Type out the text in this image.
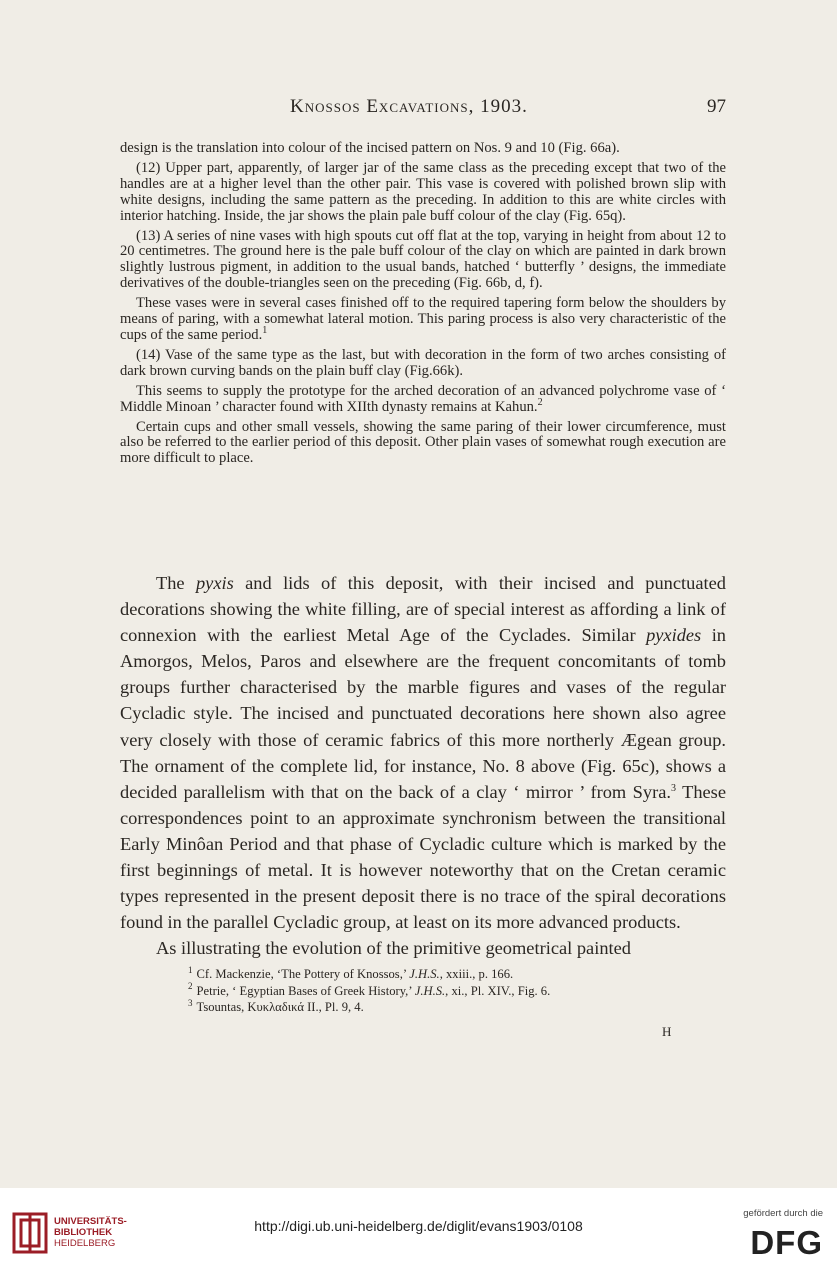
Knossos Excavations, 1903.	97

design is the translation into colour of the incised pattern on Nos. 9 and 10 (Fig. 66a).

(12) Upper part, apparently, of larger jar of the same class as the preceding except that two of the handles are at a higher level than the other pair. This vase is covered with polished brown slip with white designs, including the same pattern as the preceding. In addition to this are white circles with interior hatching. Inside, the jar shows the plain pale buff colour of the clay (Fig. 65q).

(13) A series of nine vases with high spouts cut off flat at the top, varying in height from about 12 to 20 centimetres. The ground here is the pale buff colour of the clay on which are painted in dark brown slightly lustrous pigment, in addition to the usual bands, hatched ‘ butterfly ’ designs, the immediate derivatives of the double-triangles seen on the preceding (Fig. 66b, d, f).

These vases were in several cases finished off to the required tapering form below the shoulders by means of paring, with a somewhat lateral motion. This paring process is also very characteristic of the cups of the same period.$^1$

(14) Vase of the same type as the last, but with decoration in the form of two arches consisting of dark brown curving bands on the plain buff clay (Fig.66k).

This seems to supply the prototype for the arched decoration of an advanced polychrome vase of ‘ Middle Minoan ’ character found with XIIth dynasty remains at Kahun.$^2$

Certain cups and other small vessels, showing the same paring of their lower circumference, must also be referred to the earlier period of this deposit. Other plain vases of somewhat rough execution are more difficult to place.

The pyxis and lids of this deposit, with their incised and punctuated decorations showing the white filling, are of special interest as affording a link of connexion with the earliest Metal Age of the Cyclades. Similar pyxides in Amorgos, Melos, Paros and elsewhere are the frequent concomitants of tomb groups further characterised by the marble figures and vases of the regular Cycladic style. The incised and punctuated decorations here shown also agree very closely with those of ceramic fabrics of this more northerly Ægean group. The ornament of the complete lid, for instance, No. 8 above (Fig. 65c), shows a decided parallelism with that on the back of a clay ‘ mirror ’ from Syra.$^3$ These correspondences point to an approximate synchronism between the transitional Early Minôan Period and that phase of Cycladic culture which is marked by the first beginnings of metal. It is however noteworthy that on the Cretan ceramic types represented in the present deposit there is no trace of the spiral decorations found in the parallel Cycladic group, at least on its more advanced products.

As illustrating the evolution of the primitive geometrical painted

$^1$ Cf. Mackenzie, ‘The Pottery of Knossos,’ J.H.S., xxiii., p. 166.
$^2$ Petrie, ‘ Egyptian Bases of Greek History,’ J.H.S., xi., Pl. XIV., Fig. 6.
$^3$ Tsountas, Κυκλαδικά II., Pl. 9, 4.
H
UNIVERSITÄTS-
BIBLIOTHEK
HEIDELBERG
http://digi.ub.uni-heidelberg.de/diglit/evans1903/0108
gefördert durch die
DFG
